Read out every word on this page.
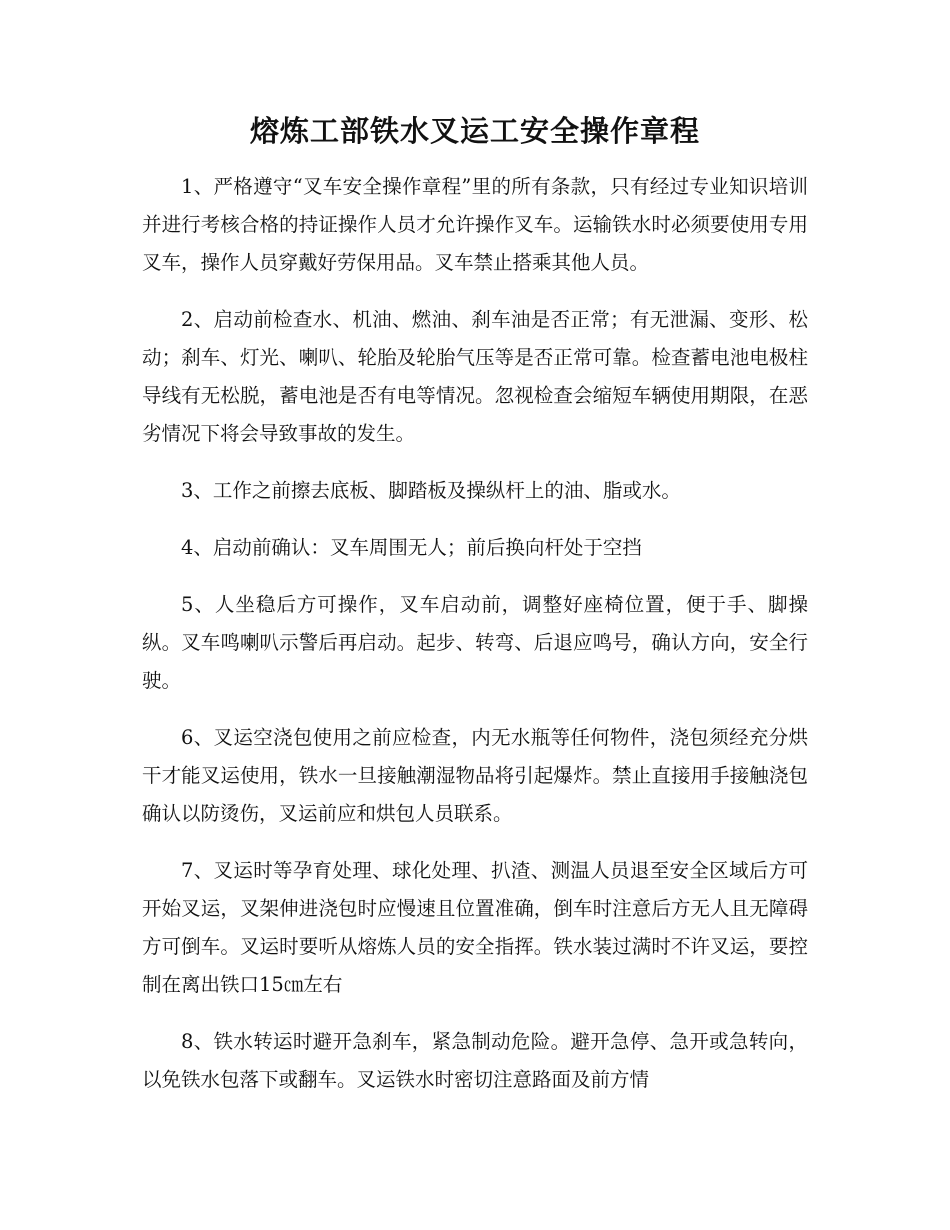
熔炼工部铁水叉运工安全操作章程

1、严格遵守“叉车安全操作章程”里的所有条款，只有经过专业知识培训并进行考核合格的持证操作人员才允许操作叉车。运输铁水时必须要使用专用叉车，操作人员穿戴好劳保用品。叉车禁止搭乘其他人员。

2、启动前检查水、机油、燃油、刹车油是否正常；有无泄漏、变形、松动；刹车、灯光、喇叭、轮胎及轮胎气压等是否正常可靠。检查蓄电池电极柱导线有无松脱，蓄电池是否有电等情况。忽视检查会缩短车辆使用期限，在恶劣情况下将会导致事故的发生。

3、工作之前擦去底板、脚踏板及操纵杆上的油、脂或水。

4、启动前确认：叉车周围无人；前后换向杆处于空挡

5、人坐稳后方可操作，叉车启动前，调整好座椅位置，便于手、脚操纵。叉车鸣喇叭示警后再启动。起步、转弯、后退应鸣号，确认方向，安全行驶。

6、叉运空浇包使用之前应检查，内无水瓶等任何物件，浇包须经充分烘干才能叉运使用，铁水一旦接触潮湿物品将引起爆炸。禁止直接用手接触浇包确认以防烫伤，叉运前应和烘包人员联系。

7、叉运时等孕育处理、球化处理、扒渣、测温人员退至安全区域后方可开始叉运，叉架伸进浇包时应慢速且位置准确，倒车时注意后方无人且无障碍方可倒车。叉运时要听从熔炼人员的安全指挥。铁水装过满时不许叉运，要控制在离出铁口15㎝左右

8、铁水转运时避开急刹车，紧急制动危险。避开急停、急开或急转向，以免铁水包落下或翻车。叉运铁水时密切注意路面及前方情
